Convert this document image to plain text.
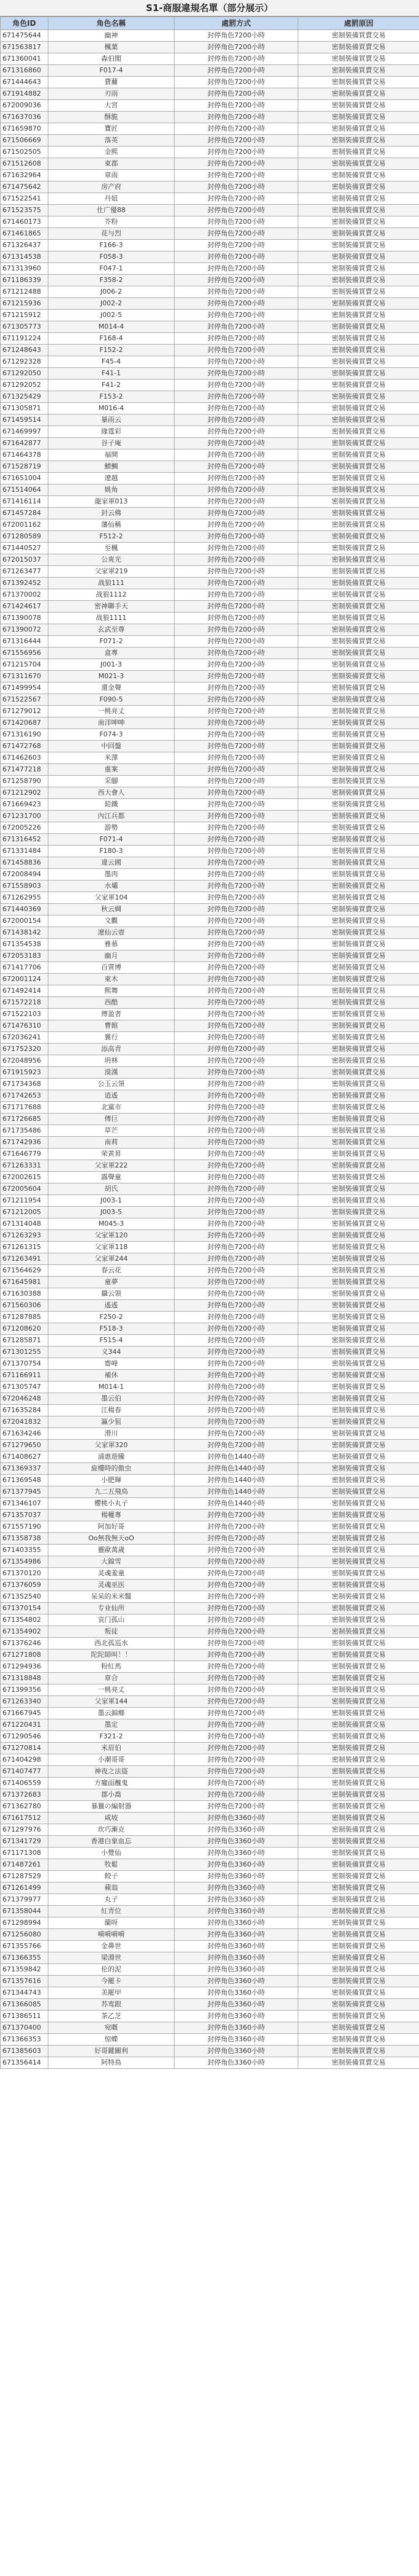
S1-商服違規名單（部分展示）
角色ID	角色名稱	處罰方式	處罰原因
671475644	幽神	封停角色7200小時	密制裝備買賣交易
671563817	楓葉	封停角色7200小時	密制裝備買賣交易
671360041	森伯閣	封停角色7200小時	密制裝備買賣交易
671316860	F017-4	封停角色7200小時	密制裝備買賣交易
671444643	費蘿	封停角色7200小時	密制裝備買賣交易
671914882	刃雨	封停角色7200小時	密制裝備買賣交易
672009036	大宮	封停角色7200小時	密制裝備買賣交易
671637036	酥脆	封停角色7200小時	密制裝備買賣交易
671659870	寶匠	封停角色7200小時	密制裝備買賣交易
671506669	落英	封停角色7200小時	密制裝備買賣交易
671502505	金熙	封停角色7200小時	密制裝備買賣交易
671512608	東郡	封停角色7200小時	密制裝備買賣交易
671632964	章雨	封停角色7200小時	密制裝備買賣交易
671475642	房产府	封停角色7200小時	密制裝備買賣交易
671522541	丹妞	封停角色7200小時	密制裝備買賣交易
671523575	仕广優88	封停角色7200小時	密制裝備買賣交易
671460173	芥粉	封停角色7200小時	密制裝備買賣交易
671461865	花与烈	封停角色7200小時	密制裝備買賣交易
671326437	F166-3	封停角色7200小時	密制裝備買賣交易
671314538	F058-3	封停角色7200小時	密制裝備買賣交易
671313960	F047-1	封停角色7200小時	密制裝備買賣交易
671186339	F358-2	封停角色7200小時	密制裝備買賣交易
671212488	J006-2	封停角色7200小時	密制裝備買賣交易
671215936	J002-2	封停角色7200小時	密制裝備買賣交易
671215912	J002-5	封停角色7200小時	密制裝備買賣交易
671305773	M014-4	封停角色7200小時	密制裝備買賣交易
671191224	F168-4	封停角色7200小時	密制裝備買賣交易
671248643	F152-2	封停角色7200小時	密制裝備買賣交易
671292328	F45-4	封停角色7200小時	密制裝備買賣交易
671292050	F41-1	封停角色7200小時	密制裝備買賣交易
671292052	F41-2	封停角色7200小時	密制裝備買賣交易
671325429	F153-2	封停角色7200小時	密制裝備買賣交易
671305871	M016-4	封停角色7200小時	密制裝備買賣交易
671459514	暴雨云	封停角色7200小時	密制裝備買賣交易
671469997	緣霆彩	封停角色7200小時	密制裝備買賣交易
671642877	谷子庵	封停角色7200小時	密制裝備買賣交易
671464378	福開	封停角色7200小時	密制裝備買賣交易
671528719	鰾鯛	封停角色7200小時	密制裝備買賣交易
671651004	遼越	封停角色7200小時	密制裝備買賣交易
671514064	姚角	封停角色7200小時	密制裝備買賣交易
671416114	龍家軍013	封停角色7200小時	密制裝備買賣交易
671457284	封云佛	封停角色7200小時	密制裝備買賣交易
672001162	藩仙稱	封停角色7200小時	密制裝備買賣交易
671280589	F512-2	封停角色7200小時	密制裝備買賣交易
671440527	至楓	封停角色7200小時	密制裝備買賣交易
672015037	公爽光	封停角色7200小時	密制裝備買賣交易
671263477	父家軍219	封停角色7200小時	密制裝備買賣交易
671392452	战狼111	封停角色7200小時	密制裝備買賣交易
671370002	战狼1112	封停角色7200小時	密制裝備買賣交易
671424617	密神聯手天	封停角色7200小時	密制裝備買賣交易
671390078	战狼1111	封停角色7200小時	密制裝備買賣交易
671390072	玄武至尊	封停角色7200小時	密制裝備買賣交易
671316444	F071-2	封停角色7200小時	密制裝備買賣交易
671556956	盒專	封停角色7200小時	密制裝備買賣交易
671215704	J001-3	封停角色7200小時	密制裝備買賣交易
671311670	M021-3	封停角色7200小時	密制裝備買賣交易
671499954	還金聲	封停角色7200小時	密制裝備買賣交易
671522567	F090-5	封停角色7200小時	密制裝備買賣交易
671279012	一桃亮丈	封停角色7200小時	密制裝備買賣交易
671420687	南洋呻呻	封停角色7200小時	密制裝備買賣交易
671316190	F074-3	封停角色7200小時	密制裝備買賣交易
671472768	中回盤	封停角色7200小時	密制裝備買賣交易
671462603	米澤	封停角色7200小時	密制裝備買賣交易
671477218	重案	封停角色7200小時	密制裝備買賣交易
671258790	采腳	封停角色7200小時	密制裝備買賣交易
671212902	西大會人	封停角色7200小時	密制裝備買賣交易
671669423	鉛鐵	封停角色7200小時	密制裝備買賣交易
671231700	內江兵都	封停角色7200小時	密制裝備買賣交易
672005226	游勢	封停角色7200小時	密制裝備買賣交易
671316452	F071-4	封停角色7200小時	密制裝備買賣交易
671331484	F180-3	封停角色7200小時	密制裝備買賣交易
671458836	違云國	封停角色7200小時	密制裝備買賣交易
672008494	墨肉	封停角色7200小時	密制裝備買賣交易
671558903	水壩	封停角色7200小時	密制裝備買賣交易
671262955	父家軍104	封停角色7200小時	密制裝備買賣交易
671440369	秋云綢	封停角色7200小時	密制裝備買賣交易
672000154	文觀	封停角色7200小時	密制裝備買賣交易
671438142	遼仙云壺	封停角色7200小時	密制裝備買賣交易
671354538	雅慕	封停角色7200小時	密制裝備買賣交易
672053183	幽月	封停角色7200小時	密制裝備買賣交易
671417706	百質博	封停角色7200小時	密制裝備買賣交易
672001124	東木	封停角色7200小時	密制裝備買賣交易
671492414	熙舞	封停角色7200小時	密制裝備買賣交易
671572218	西酷	封停角色7200小時	密制裝備買賣交易
671522103	傳盈者	封停角色7200小時	密制裝備買賣交易
671476310	曹館	封停角色7200小時	密制裝備買賣交易
672036241	翼行	封停角色7200小時	密制裝備買賣交易
671752320	添高青	封停角色7200小時	密制裝備買賣交易
672048956	坍林	封停角色7200小時	密制裝備買賣交易
671915923	漠漢	封停角色7200小時	密制裝備買賣交易
671734368	公玉云領	封停角色7200小時	密制裝備買賣交易
671742653	逍遙	封停角色7200小時	密制裝備買賣交易
671717688	北黨市	封停角色7200小時	密制裝備買賣交易
671726685	傳巨	封停角色7200小時	密制裝備買賣交易
671735486	草芒	封停角色7200小時	密制裝備買賣交易
671742936	南莉	封停角色7200小時	密制裝備買賣交易
671646779	荣黄昇	封停角色7200小時	密制裝備買賣交易
671263331	父家軍222	封停角色7200小時	密制裝備買賣交易
672002615	露聲童	封停角色7200小時	密制裝備買賣交易
672005604	胡氏	封停角色7200小時	密制裝備買賣交易
671211954	J003-1	封停角色7200小時	密制裝備買賣交易
671212005	J003-5	封停角色7200小時	密制裝備買賣交易
671314048	M045-3	封停角色7200小時	密制裝備買賣交易
671263293	父家軍120	封停角色7200小時	密制裝備買賣交易
671261315	父家軍118	封停角色7200小時	密制裝備買賣交易
671263491	父家軍244	封停角色7200小時	密制裝備買賣交易
671564629	春云花	封停角色7200小時	密制裝備買賣交易
671645981	童夢	封停角色7200小時	密制裝備買賣交易
671630388	攝云領	封停角色7200小時	密制裝備買賣交易
671560306	遙遙	封停角色7200小時	密制裝備買賣交易
671287885	F250-2	封停角色7200小時	密制裝備買賣交易
671208620	F518-3	封停角色7200小時	密制裝備買賣交易
671285871	F515-4	封停角色7200小時	密制裝備買賣交易
671301255	义344	封停角色7200小時	密制裝備買賣交易
671370754	齋峰	封停角色7200小時	密制裝備買賣交易
671166911	補休	封停角色7200小時	密制裝備買賣交易
671305747	M014-1	封停角色7200小時	密制裝備買賣交易
672046248	墨云伯	封停角色7200小時	密制裝備買賣交易
671635284	江楊春	封停角色7200小時	密制裝備買賣交易
672041832	瀛少狙	封停角色7200小時	密制裝備買賣交易
671634246	滑川	封停角色7200小時	密制裝備買賣交易
671279650	父家軍320	封停角色7200小時	密制裝備買賣交易
671408627	浦惠遊騰	封停角色1440小時	密制裝備買賣交易
671369337	旋樓時的傲虫	封停角色1440小時	密制裝備買賣交易
671369548	小肥輝	封停角色1440小時	密制裝備買賣交易
671377945	九二五飛鳥	封停角色1440小時	密制裝備買賣交易
671346107	櫻桃小丸子	封停角色1440小時	密制裝備買賣交易
671357037	楊權專	封停角色7200小時	密制裝備買賣交易
671557190	阿加好哥	封停角色7200小時	密制裝備買賣交易
671358738	Oo無我無天oO	封停角色7200小時	密制裝備買賣交易
671403355	靈歐萬歲	封停角色7200小時	密制裝備買賣交易
671354986	大錦雪	封停角色7200小時	密制裝備買賣交易
671370120	灵魂羞童	封停角色7200小時	密制裝備買賣交易
671376059	灵魂巫医	封停角色7200小時	密制裝備買賣交易
671352540	呆呆的米米醫	封停角色7200小時	密制裝備買賣交易
671370154	专业仙所	封停角色7200小時	密制裝備買賣交易
671354802	哀门孤山	封停角色7200小時	密制裝備買賣交易
671354902	叛徒	封停角色7200小時	密制裝備買賣交易
671376246	西北孤巡水	封停角色7200小時	密制裝備買賣交易
671271808	陀陀師叫！！	封停角色7200小時	密制裝備買賣交易
671294936	粉紅馬	封停角色7200小時	密制裝備買賣交易
671318848	章合	封停角色7200小時	密制裝備買賣交易
671399356	一桃亮丈	封停角色7200小時	密制裝備買賣交易
671263340	父家軍144	封停角色7200小時	密制裝備買賣交易
671667945	墨云錦鄉	封停角色7200小時	密制裝備買賣交易
671220431	墨定	封停角色7200小時	密制裝備買賣交易
671290546	F321-2	封停角色7200小時	密制裝備買賣交易
671270814	米眉伯	封停角色7200小時	密制裝備買賣交易
671404298	小潮哥哥	封停角色7200小時	密制裝備買賣交易
671407477	神夜之法盜	封停角色7200小時	密制裝備買賣交易
671406559	方寵面醜鬼	封停角色7200小時	密制裝備買賣交易
671372683	郡小喬	封停角色7200小時	密制裝備買賣交易
671362780	暴獵の編射器	封停角色7200小時	密制裝備買賣交易
671617512	咸坡	封停角色3360小時	密制裝備買賣交易
671297976	坎巧漸克	封停角色3360小時	密制裝備買賣交易
671341729	香港白象血忘	封停角色3360小時	密制裝備買賣交易
671171308	小覺仙	封停角色3360小時	密制裝備買賣交易
671487261	牧鬆	封停角色3360小時	密制裝備買賣交易
671287529	餃子	封停角色3360小時	密制裝備買賣交易
671261499	蘋翁	封停角色3360小時	密制裝備買賣交易
671379977	丸子	封停角色3360小時	密制裝備買賣交易
671358044	紅青位	封停角色3360小時	密制裝備買賣交易
671298994	蘭呀	封停角色3360小時	密制裝備買賣交易
671256080	嗬嗬嗬嗬	封停角色3360小時	密制裝備買賣交易
671355766	金鼻世	封停角色3360小時	密制裝備買賣交易
671366355	梁淵世	封停角色3360小時	密制裝備買賣交易
671359842	伦的泥	封停角色3360小時	密制裝備買賣交易
671357616	今罷卡	封停角色3360小時	密制裝備買賣交易
671344743	美罷甲	封停角色3360小時	密制裝備買賣交易
671366085	苏鸾跟	封停角色3360小時	密制裝備買賣交易
671386511	茶乙芝	封停角色3360小時	密制裝備買賣交易
671370400	宛嘅	封停角色3360小時	密制裝備買賣交易
671366353	惊蝶	封停角色3360小時	密制裝備買賣交易
671385603	好哥鍵關利	封停角色3360小時	密制裝備買賣交易
671356414	阿特鳥	封停角色3360小時	密制裝備買賣交易
